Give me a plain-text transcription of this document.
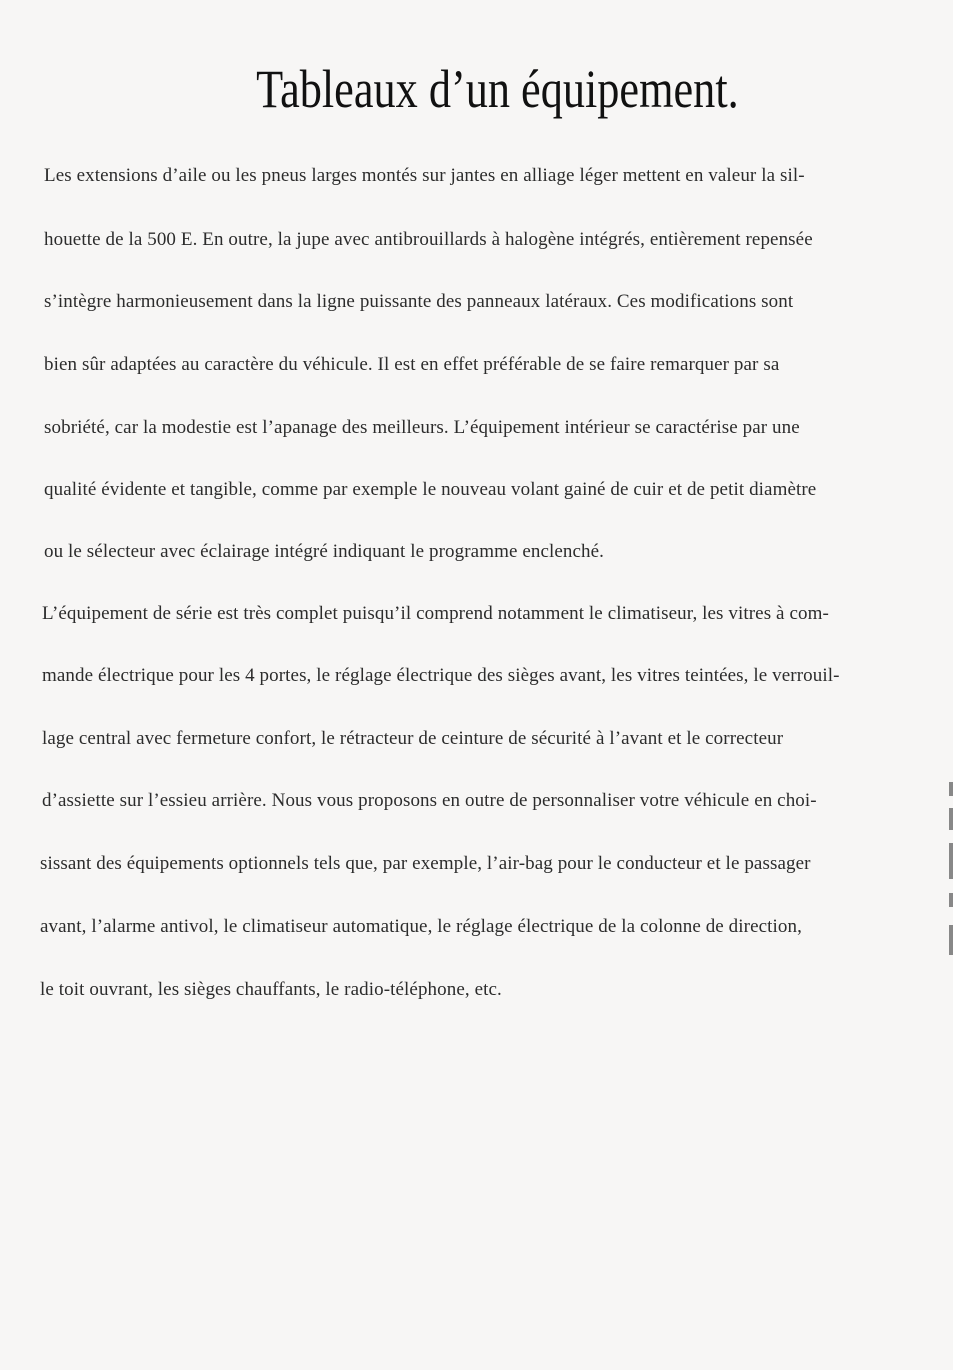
Tableaux d’un équipement.
Les extensions d’aile ou les pneus larges montés sur jantes en alliage léger mettent en valeur la sil-
houette de la 500 E. En outre, la jupe avec antibrouillards à halogène intégrés, entièrement repensée
s’intègre harmonieusement dans la ligne puissante des panneaux latéraux. Ces modifications sont
bien sûr adaptées au caractère du véhicule. Il est en effet préférable de se faire remarquer par sa
sobriété, car la modestie est l’apanage des meilleurs. L’équipement intérieur se caractérise par une
qualité évidente et tangible, comme par exemple le nouveau volant gainé de cuir et de petit diamètre
ou le sélecteur avec éclairage intégré indiquant le programme enclenché.
L’équipement de série est très complet puisqu’il comprend notamment le climatiseur, les vitres à com-
mande électrique pour les 4 portes, le réglage électrique des sièges avant, les vitres teintées, le verrouil-
lage central avec fermeture confort, le rétracteur de ceinture de sécurité à l’avant et le correcteur
d’assiette sur l’essieu arrière. Nous vous proposons en outre de personnaliser votre véhicule en choi-
sissant des équipements optionnels tels que, par exemple, l’air-bag pour le conducteur et le passager
avant, l’alarme antivol, le climatiseur automatique, le réglage électrique de la colonne de direction,
le toit ouvrant, les sièges chauffants, le radio-téléphone, etc.
